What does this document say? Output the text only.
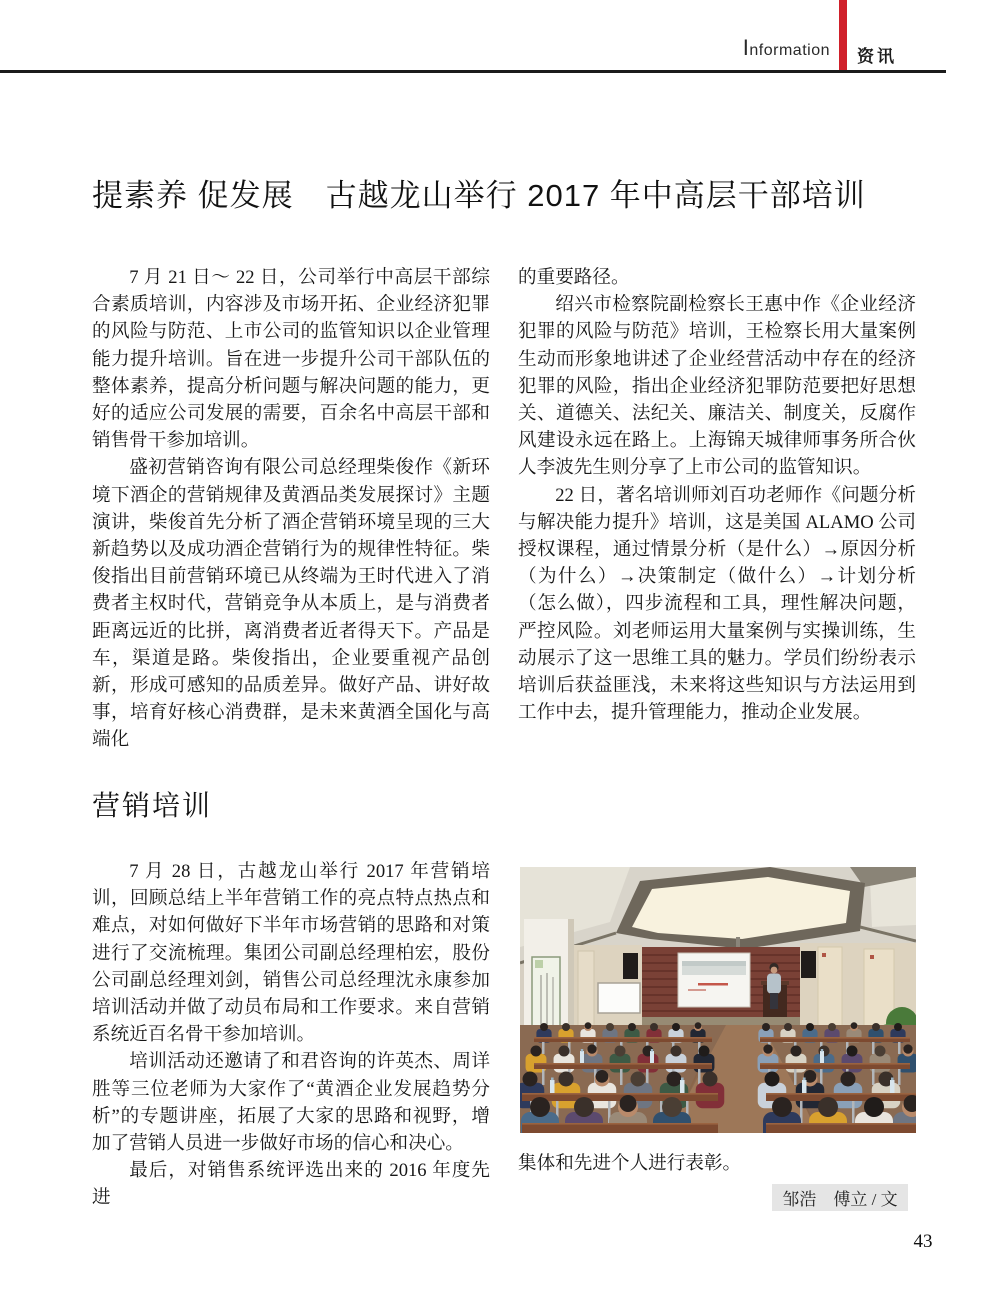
Information 资讯
提素养 促发展　古越龙山举行 2017 年中高层干部培训

7 月 21 日～ 22 日，公司举行中高层干部综合素质培训，内容涉及市场开拓、企业经济犯罪的风险与防范、上市公司的监管知识以企业管理能力提升培训。旨在进一步提升公司干部队伍的整体素养，提高分析问题与解决问题的能力，更好的适应公司发展的需要，百余名中高层干部和销售骨干参加培训。

盛初营销咨询有限公司总经理柴俊作《新环境下酒企的营销规律及黄酒品类发展探讨》主题演讲，柴俊首先分析了酒企营销环境呈现的三大新趋势以及成功酒企营销行为的规律性特征。柴俊指出目前营销环境已从终端为王时代进入了消费者主权时代，营销竞争从本质上，是与消费者距离远近的比拼，离消费者近者得天下。产品是车，渠道是路。柴俊指出，企业要重视产品创新，形成可感知的品质差异。做好产品、讲好故事，培育好核心消费群，是未来黄酒全国化与高端化

的重要路径。

绍兴市检察院副检察长王惠中作《企业经济犯罪的风险与防范》培训，王检察长用大量案例生动而形象地讲述了企业经营活动中存在的经济犯罪的风险，指出企业经济犯罪防范要把好思想关、道德关、法纪关、廉洁关、制度关，反腐作风建设永远在路上。上海锦天城律师事务所合伙人李波先生则分享了上市公司的监管知识。

22 日，著名培训师刘百功老师作《问题分析与解决能力提升》培训，这是美国 ALAMO 公司授权课程，通过情景分析（是什么）→原因分析（为什么）→决策制定（做什么）→计划分析（怎么做），四步流程和工具，理性解决问题，严控风险。刘老师运用大量案例与实操训练，生动展示了这一思维工具的魅力。学员们纷纷表示培训后获益匪浅，未来将这些知识与方法运用到工作中去，提升管理能力，推动企业发展。

营销培训

7 月 28 日，古越龙山举行 2017 年营销培训，回顾总结上半年营销工作的亮点特点热点和难点，对如何做好下半年市场营销的思路和对策进行了交流梳理。集团公司副总经理柏宏，股份公司副总经理刘剑，销售公司总经理沈永康参加培训活动并做了动员布局和工作要求。来自营销系统近百名骨干参加培训。

培训活动还邀请了和君咨询的许英杰、周详胜等三位老师为大家作了“黄酒企业发展趋势分析”的专题讲座，拓展了大家的思路和视野，增加了营销人员进一步做好市场的信心和决心。

最后，对销售系统评选出来的 2016 年度先进

集体和先进个人进行表彰。
邹浩　傅立 / 文
43
